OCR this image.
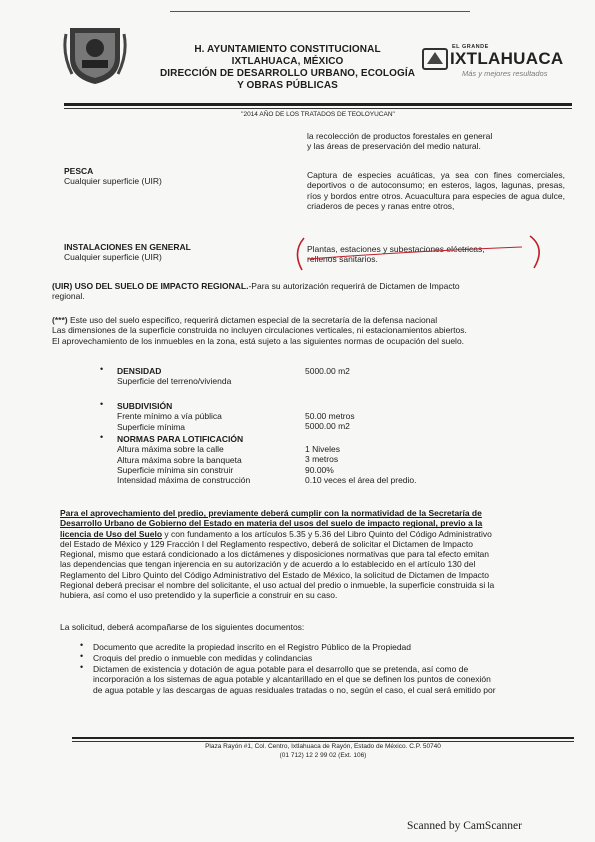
H. AYUNTAMIENTO CONSTITUCIONAL
IXTLAHUACA, MÉXICO
DIRECCIÓN DE DESARROLLO URBANO, ECOLOGÍA
Y OBRAS PÚBLICAS
EL GRANDE
IXTLAHUACA
Más y mejores resultados
"2014 AÑO DE LOS TRATADOS DE TEOLOYUCAN"
la recolección de productos forestales en general
y las áreas de preservación del medio natural.
PESCA
Cualquier superficie (UIR)
Captura de especies acuáticas, ya sea con fines comerciales, deportivos o de autoconsumo; en esteros, lagos, lagunas, presas, ríos y bordos entre otros. Acuacultura para especies de agua dulce, criaderos de peces y ranas entre otros,
INSTALACIONES EN GENERAL
Cualquier superficie (UIR)
Plantas, estaciones y subestaciones eléctricas,
rellenos sanitarios.
(UIR) USO DEL SUELO DE IMPACTO REGIONAL.-Para su autorización requerirá de Dictamen de Impacto
regional.
(***) Este uso del suelo especifico, requerirá dictamen especial de la secretaría de la defensa nacional
Las dimensiones de la superficie construida no incluyen circulaciones verticales, ni estacionamientos abiertos.
El aprovechamiento de los inmuebles en la zona, está sujeto a las siguientes normas de ocupación del suelo.
• DENSIDAD
Superficie del terreno/vivienda
5000.00 m2
• SUBDIVISIÓN
Frente mínimo a vía pública
Superficie mínima
50.00 metros
5000.00 m2
• NORMAS PARA LOTIFICACIÓN
Altura máxima sobre la calle
Altura máxima sobre la banqueta
Superficie mínima sin construir
Intensidad máxima de construcción
1 Niveles
3 metros
90.00%
0.10 veces el área del predio.
Para el aprovechamiento del predio, previamente deberá cumplir con la normatividad de la Secretaría de
Desarrollo Urbano de Gobierno del Estado en materia del usos del suelo de impacto regional, previo a la
licencia de Uso del Suelo y con fundamento a los artículos 5.35 y 5.36 del Libro Quinto del Código Administrativo
del Estado de México y 129 Fracción I del Reglamento respectivo, deberá de solicitar el Dictamen de Impacto
Regional, mismo que estará condicionado a los dictámenes y disposiciones normativas que para tal efecto emitan
las dependencias que tengan injerencia en su autorización y de acuerdo a lo establecido en el artículo 130 del
Reglamento del Libro Quinto del Código Administrativo del Estado de México, la solicitud de Dictamen de Impacto
Regional deberá precisar el nombre del solicitante, el uso actual del predio o inmueble, la superficie construida si la
hubiera, así como el uso pretendido y la superficie a construir en su caso.
La solicitud, deberá acompañarse de los siguientes documentos:
• Documento que acredite la propiedad inscrito en el Registro Público de la Propiedad
• Croquis del predio o inmueble con medidas y colindancias
• Dictamen de existencia y dotación de agua potable para el desarrollo que se pretenda, así como de
incorporación a los sistemas de agua potable y alcantarillado en el que se definen los puntos de conexión
de agua potable y las descargas de aguas residuales tratadas o no, según el caso, el cual será emitido por
Plaza Rayón #1, Col. Centro, Ixtlahuaca de Rayón, Estado de México. C.P. 50740
(01 712) 12 2 99 02 (Ext. 106)
Scanned by CamScanner
